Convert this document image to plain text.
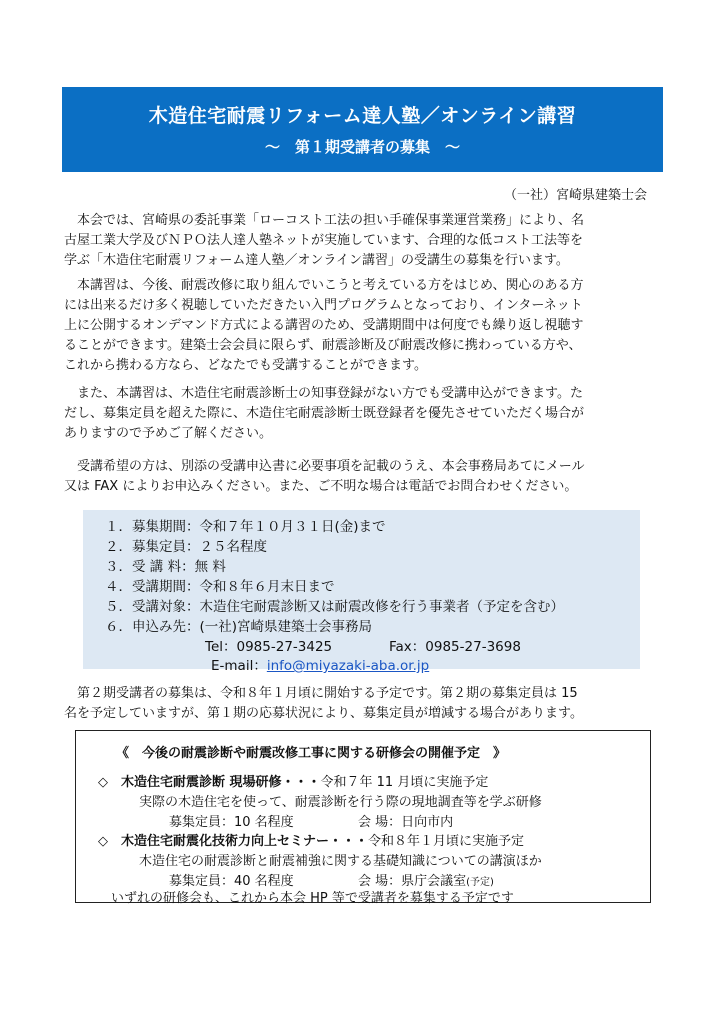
木造住宅耐震リフォーム達人塾／オンライン講習
～　第１期受講者の募集　～
（一社）宮崎県建築士会
　本会では、宮崎県の委託事業「ローコスト工法の担い手確保事業運営業務」により、名
古屋工業大学及びＮＰＯ法人達人塾ネットが実施しています、合理的な低コスト工法等を
学ぶ「木造住宅耐震リフォーム達人塾／オンライン講習」の受講生の募集を行います。
　本講習は、今後、耐震改修に取り組んでいこうと考えている方をはじめ、関心のある方
には出来るだけ多く視聴していただきたい入門プログラムとなっており、インターネット
上に公開するオンデマンド方式による講習のため、受講期間中は何度でも繰り返し視聴す
ることができます。建築士会会員に限らず、耐震診断及び耐震改修に携わっている方や、
これから携わる方なら、どなたでも受講することができます。
　また、本講習は、木造住宅耐震診断士の知事登録がない方でも受講申込ができます。た
だし、募集定員を超えた際に、木造住宅耐震診断士既登録者を優先させていただく場合が
ありますので予めご了解ください。
　受講希望の方は、別添の受講申込書に必要事項を記載のうえ、本会事務局あてにメール
又は FAX によりお申込みください。また、ご不明な場合は電話でお問合わせください。
１．募集期間：令和７年１０月３１日(金)まで
２．募集定員：２５名程度
３．受 講 料：無 料
４．受講期間：令和８年６月末日まで
５．受講対象：木造住宅耐震診断又は耐震改修を行う事業者（予定を含む）
６．申込み先：(一社)宮崎県建築士会事務局
Tel：0985-27-3425	Fax：0985-27-3698
E-mail：info@miyazaki-aba.or.jp
　第２期受講者の募集は、令和８年１月頃に開始する予定です。第２期の募集定員は 15
名を予定していますが、第１期の応募状況により、募集定員が増減する場合があります。
《　今後の耐震診断や耐震改修工事に関する研修会の開催予定　》
◇　木造住宅耐震診断 現場研修・・・令和７年 11 月頃に実施予定
実際の木造住宅を使って、耐震診断を行う際の現地調査等を学ぶ研修
募集定員：10 名程度	会 場：日向市内
◇　木造住宅耐震化技術力向上セミナー・・・令和８年１月頃に実施予定
木造住宅の耐震診断と耐震補強に関する基礎知識についての講演ほか
募集定員：40 名程度	会 場：県庁会議室(予定)
いずれの研修会も、これから本会 HP 等で受講者を募集する予定です
